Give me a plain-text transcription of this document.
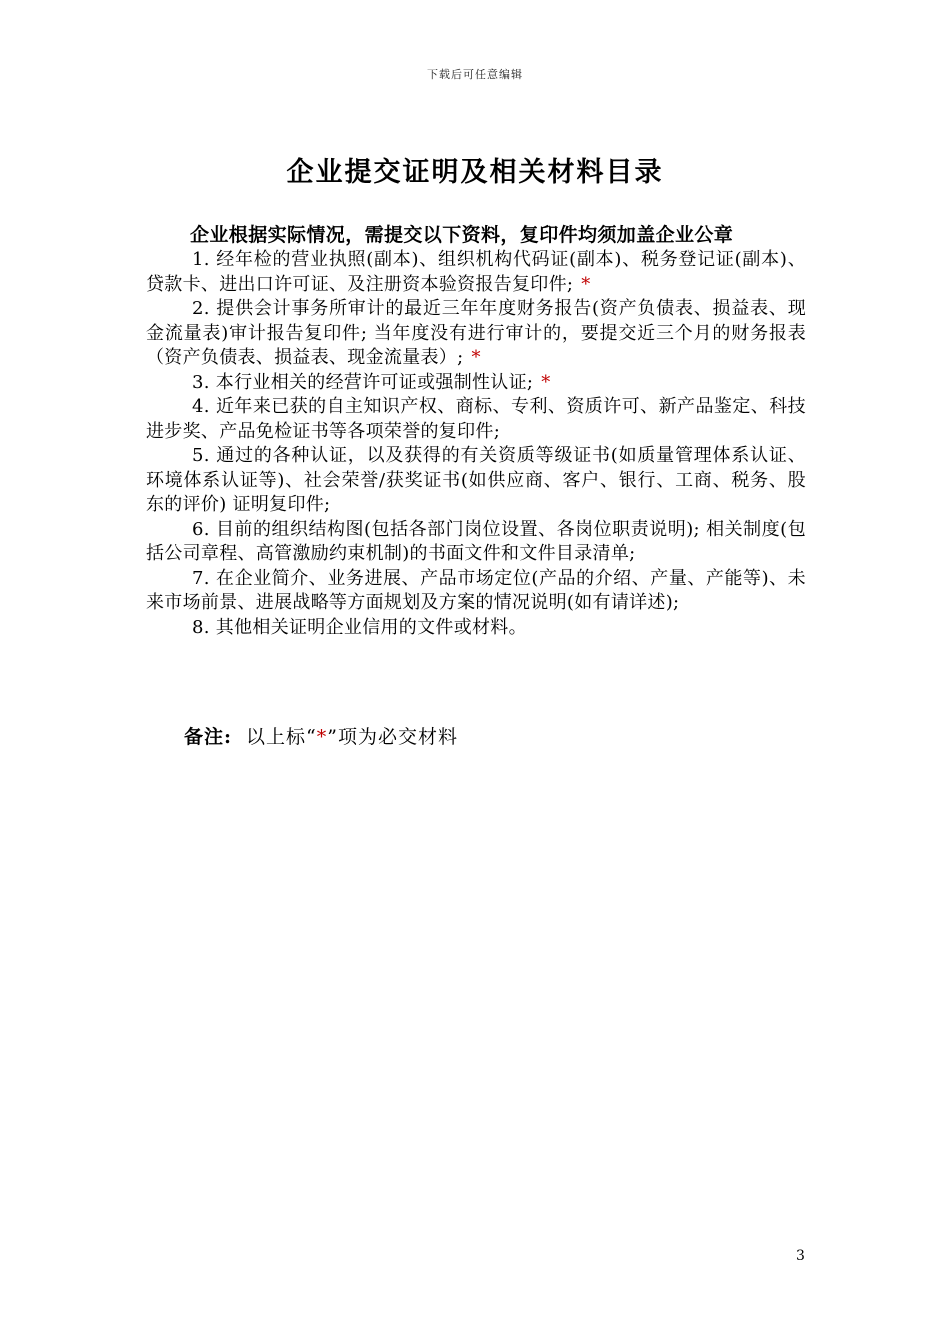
下载后可任意编辑
企业提交证明及相关材料目录
企业根据实际情况，需提交以下资料，复印件均须加盖企业公章
1. 经年检的营业执照(副本)、组织机构代码证(副本)、税务登记证(副本)、贷款卡、进出口许可证、及注册资本验资报告复印件; *
2. 提供会计事务所审计的最近三年年度财务报告(资产负债表、损益表、现金流量表)审计报告复印件; 当年度没有进行审计的，要提交近三个月的财务报表（资产负债表、损益表、现金流量表）; *
3. 本行业相关的经营许可证或强制性认证; *
4. 近年来已获的自主知识产权、商标、专利、资质许可、新产品鉴定、科技进步奖、产品免检证书等各项荣誉的复印件;
5. 通过的各种认证，以及获得的有关资质等级证书(如质量管理体系认证、环境体系认证等)、社会荣誉/获奖证书(如供应商、客户、银行、工商、税务、股东的评价) 证明复印件;
6. 目前的组织结构图(包括各部门岗位设置、各岗位职责说明); 相关制度(包括公司章程、高管激励约束机制)的书面文件和文件目录清单;
7. 在企业简介、业务进展、产品市场定位(产品的介绍、产量、产能等)、未来市场前景、进展战略等方面规划及方案的情况说明(如有请详述);
8. 其他相关证明企业信用的文件或材料。
备注: 以上标“*”项为必交材料
3
